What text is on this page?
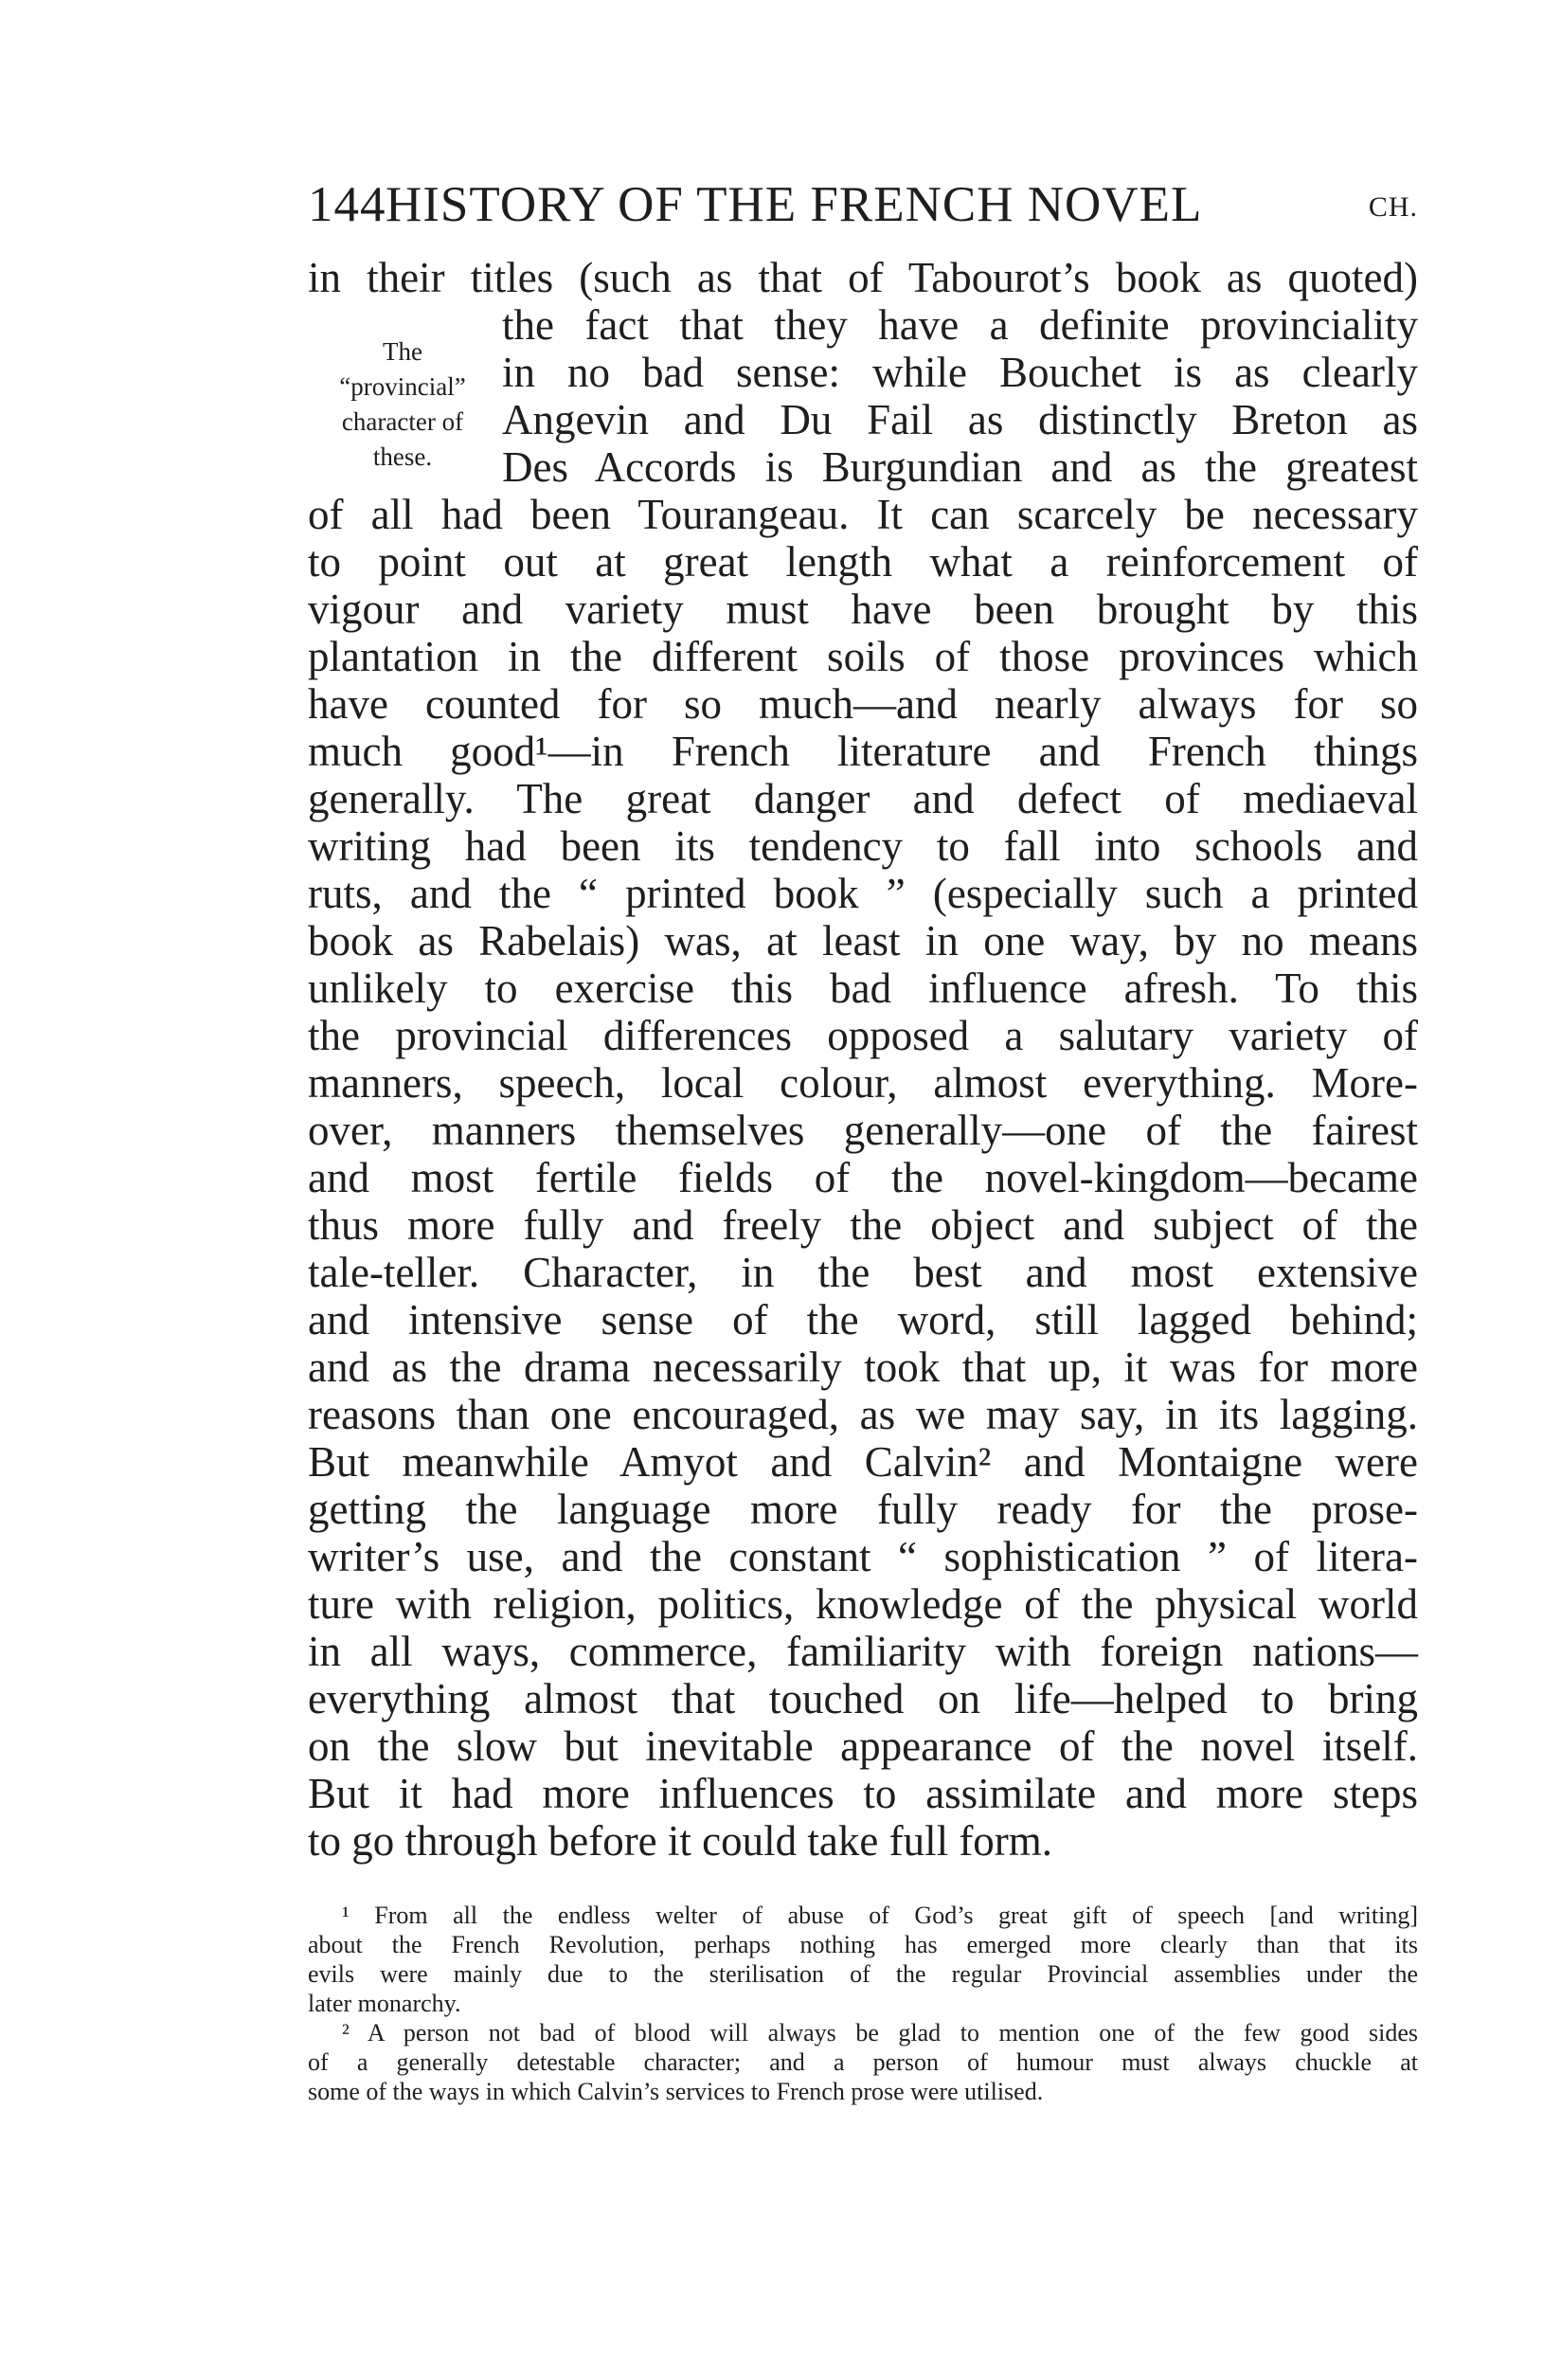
144 HISTORY OF THE FRENCH NOVEL	CH.
The
“provincial”
character of
these.
in their titles (such as that of Tabourot’s book as quoted)
the fact that they have a definite provinciality
in no bad sense: while Bouchet is as clearly
Angevin and Du Fail as distinctly Breton as
Des Accords is Burgundian and as the greatest
of all had been Tourangeau. It can scarcely be necessary
to point out at great length what a reinforcement of
vigour and variety must have been brought by this
plantation in the different soils of those provinces which
have counted for so much—and nearly always for so
much good¹—in French literature and French things
generally. The great danger and defect of mediaeval
writing had been its tendency to fall into schools and
ruts, and the “ printed book ” (especially such a printed
book as Rabelais) was, at least in one way, by no means
unlikely to exercise this bad influence afresh. To this
the provincial differences opposed a salutary variety of
manners, speech, local colour, almost everything. More-
over, manners themselves generally—one of the fairest
and most fertile fields of the novel-kingdom—became
thus more fully and freely the object and subject of the
tale-teller. Character, in the best and most extensive
and intensive sense of the word, still lagged behind;
and as the drama necessarily took that up, it was for more
reasons than one encouraged, as we may say, in its lagging.
But meanwhile Amyot and Calvin² and Montaigne were
getting the language more fully ready for the prose-
writer’s use, and the constant “ sophistication ” of litera-
ture with religion, politics, knowledge of the physical world
in all ways, commerce, familiarity with foreign nations—
everything almost that touched on life—helped to bring
on the slow but inevitable appearance of the novel itself.
But it had more influences to assimilate and more steps
to go through before it could take full form.
¹ From all the endless welter of abuse of God’s great gift of speech [and writing]
about the French Revolution, perhaps nothing has emerged more clearly than that its
evils were mainly due to the sterilisation of the regular Provincial assemblies under the
later monarchy.
² A person not bad of blood will always be glad to mention one of the few good sides
of a generally detestable character; and a person of humour must always chuckle at
some of the ways in which Calvin’s services to French prose were utilised.
